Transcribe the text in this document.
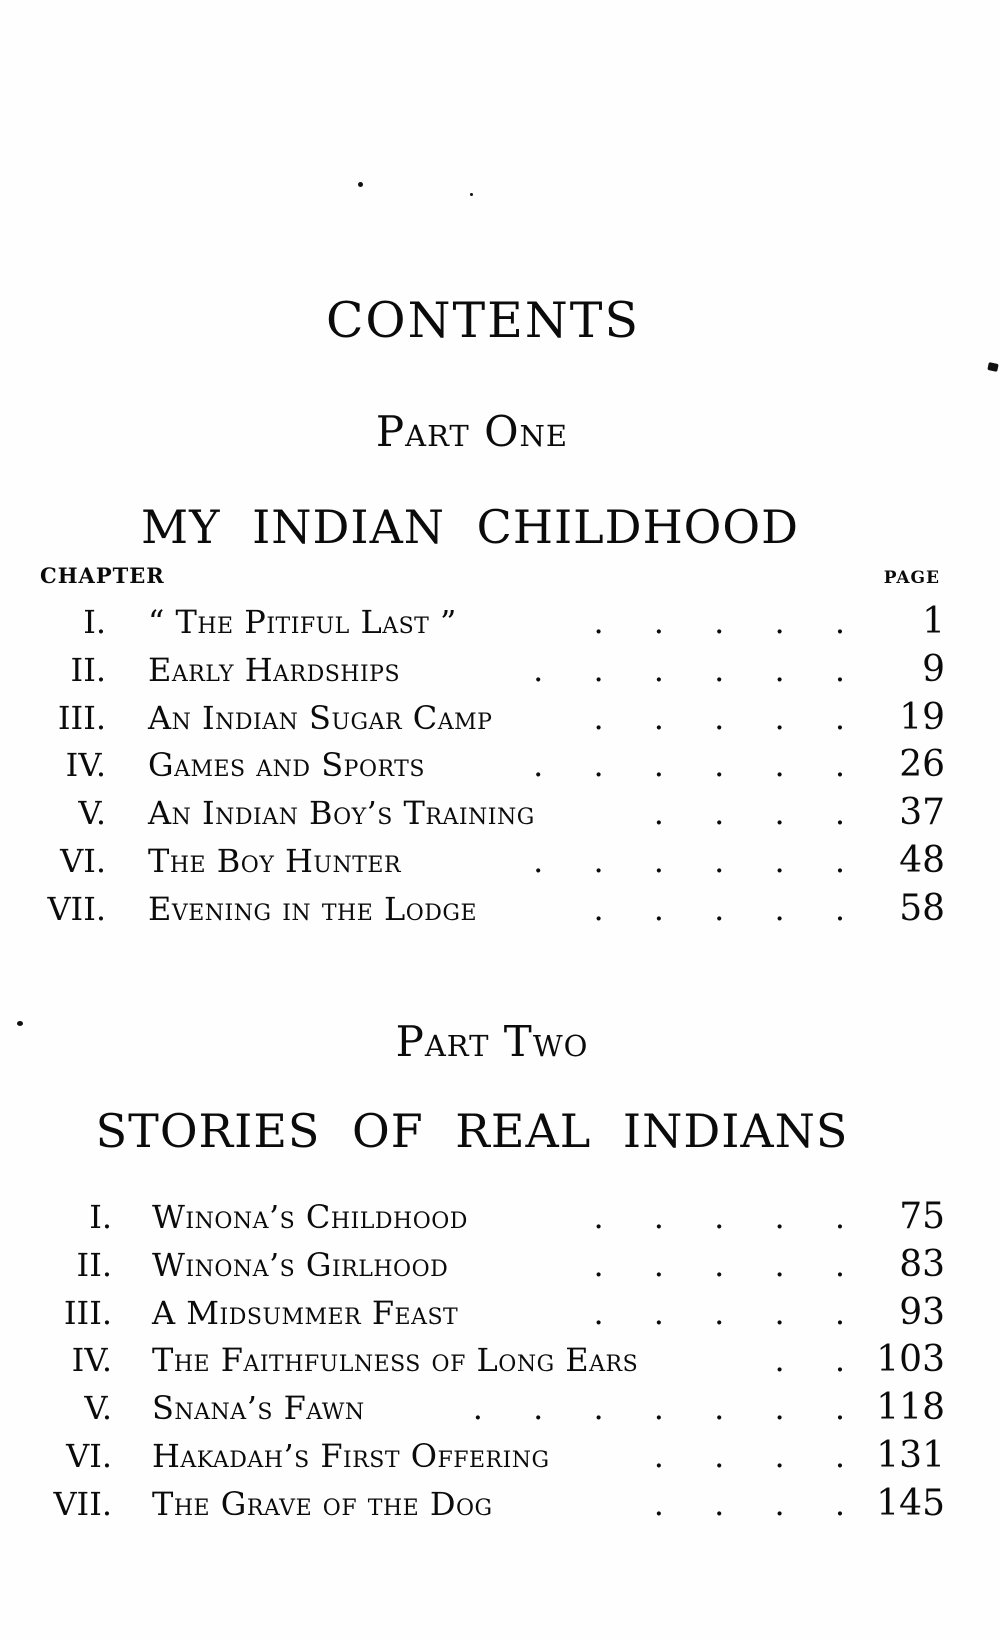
CONTENTS
Part One
MY INDIAN CHILDHOOD
CHAPTER	PAGE
I. “ The Pitiful Last ”	. . . . .	1
II. Early Hardships	. . . . . .	9
III. An Indian Sugar Camp	. . . . .	19
IV. Games and Sports	. . . . . .	26
V. An Indian Boy’s Training	. . . .	37
VI. The Boy Hunter	. . . . . .	48
VII. Evening in the Lodge	. . . . .	58
Part Two
STORIES OF REAL INDIANS
I. Winona’s Childhood	. . . . .	75
II. Winona’s Girlhood	. . . . .	83
III. A Midsummer Feast	. . . . .	93
IV. The Faithfulness of Long Ears	. . 103
V. Snana’s Fawn	. . . . . . . 118
VI. Hakadah’s First Offering	. . . . 131
VII. The Grave of the Dog	. . . . 145
